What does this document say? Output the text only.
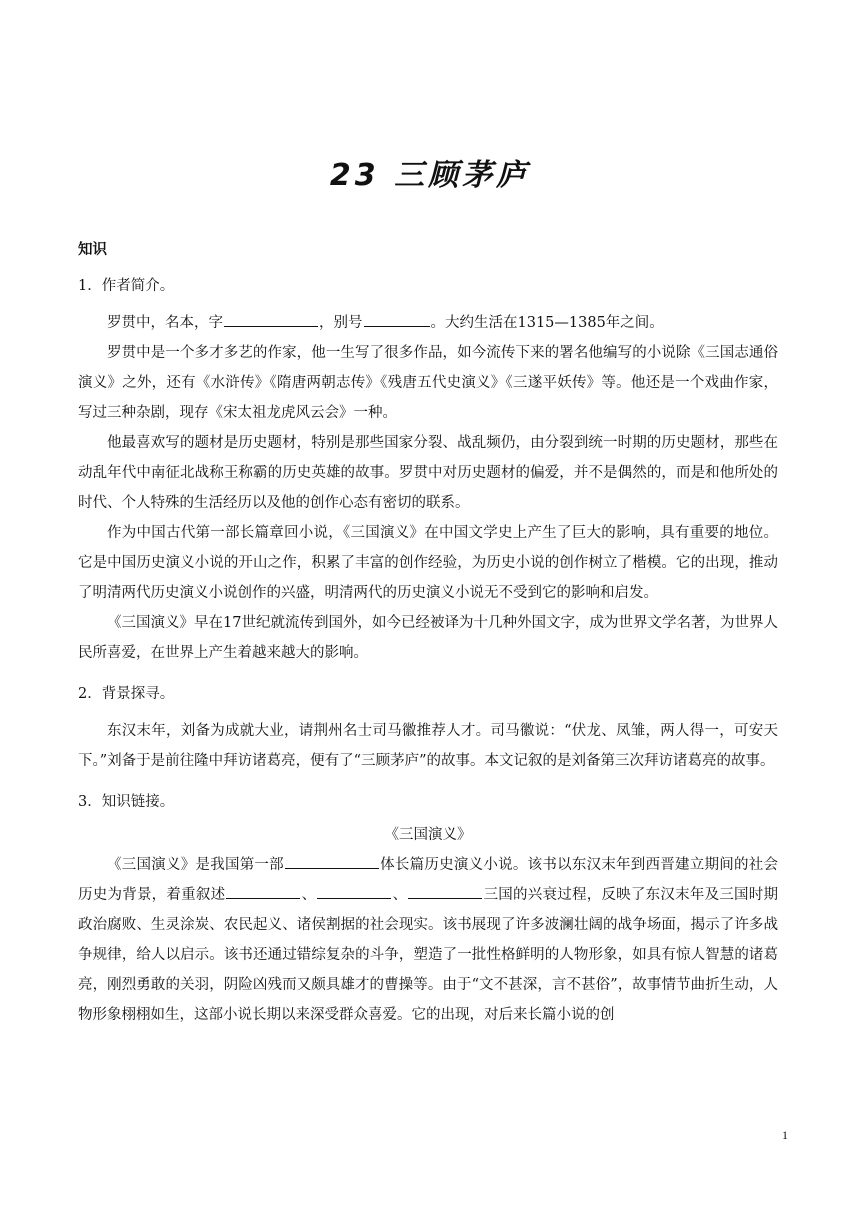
23 三顾茅庐
知识
1．作者简介。
罗贯中，名本，字	，别号	。大约生活在1315—1385年之间。
罗贯中是一个多才多艺的作家，他一生写了很多作品，如今流传下来的署名他编写的小说除《三国志通俗演义》之外，还有《水浒传》《隋唐两朝志传》《残唐五代史演义》《三遂平妖传》等。他还是一个戏曲作家，写过三种杂剧，现存《宋太祖龙虎风云会》一种。
他最喜欢写的题材是历史题材，特别是那些国家分裂、战乱频仍，由分裂到统一时期的历史题材，那些在动乱年代中南征北战称王称霸的历史英雄的故事。罗贯中对历史题材的偏爱，并不是偶然的，而是和他所处的时代、个人特殊的生活经历以及他的创作心态有密切的联系。
作为中国古代第一部长篇章回小说，《三国演义》在中国文学史上产生了巨大的影响，具有重要的地位。它是中国历史演义小说的开山之作，积累了丰富的创作经验，为历史小说的创作树立了楷模。它的出现，推动了明清两代历史演义小说创作的兴盛，明清两代的历史演义小说无不受到它的影响和启发。
《三国演义》早在17世纪就流传到国外，如今已经被译为十几种外国文字，成为世界文学名著，为世界人民所喜爱，在世界上产生着越来越大的影响。
2．背景探寻。
东汉末年，刘备为成就大业，请荆州名士司马徽推荐人才。司马徽说：“伏龙、凤雏，两人得一，可安天下。”刘备于是前往隆中拜访诸葛亮，便有了“三顾茅庐”的故事。本文记叙的是刘备第三次拜访诸葛亮的故事。
3．知识链接。
《三国演义》
《三国演义》是我国第一部	体长篇历史演义小说。该书以东汉末年到西晋建立期间的社会历史为背景，着重叙述	、	、	三国的兴衰过程，反映了东汉末年及三国时期政治腐败、生灵涂炭、农民起义、诸侯割据的社会现实。该书展现了许多波澜壮阔的战争场面，揭示了许多战争规律，给人以启示。该书还通过错综复杂的斗争，塑造了一批性格鲜明的人物形象，如具有惊人智慧的诸葛亮，刚烈勇敢的关羽，阴险凶残而又颇具雄才的曹操等。由于“文不甚深，言不甚俗”，故事情节曲折生动，人物形象栩栩如生，这部小说长期以来深受群众喜爱。它的出现，对后来长篇小说的创
1
